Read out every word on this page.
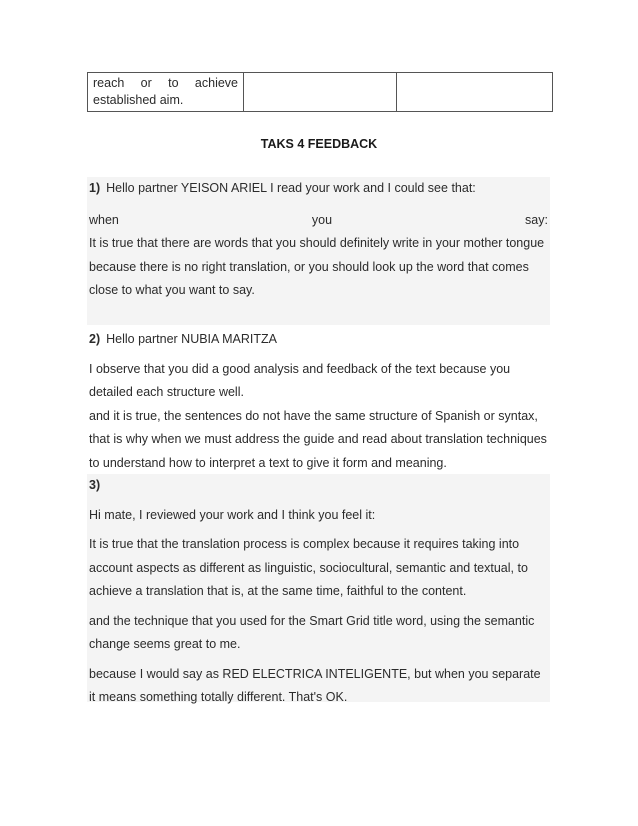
reach or to achieve
established aim.		
TAKS 4 FEEDBACK
1) Hello partner YEISON ARIEL I read your work and I could see that:
when	you	say:
It is true that there are words that you should definitely write in your mother tongue
because there is no right translation, or you should look up the word that comes
close to what you want to say.
2) Hello partner NUBIA MARITZA
I observe that you did a good analysis and feedback of the text because you
detailed each structure well.
and it is true, the sentences do not have the same structure of Spanish or syntax,
that is why when we must address the guide and read about translation techniques
to understand how to interpret a text to give it form and meaning.
3)
Hi mate, I reviewed your work and I think you feel it:
It is true that the translation process is complex because it requires taking into
account aspects as different as linguistic, sociocultural, semantic and textual, to
achieve a translation that is, at the same time, faithful to the content.
and the technique that you used for the Smart Grid title word, using the semantic
change seems great to me.
because I would say as RED ELECTRICA INTELIGENTE, but when you separate
it means something totally different. That's OK.
